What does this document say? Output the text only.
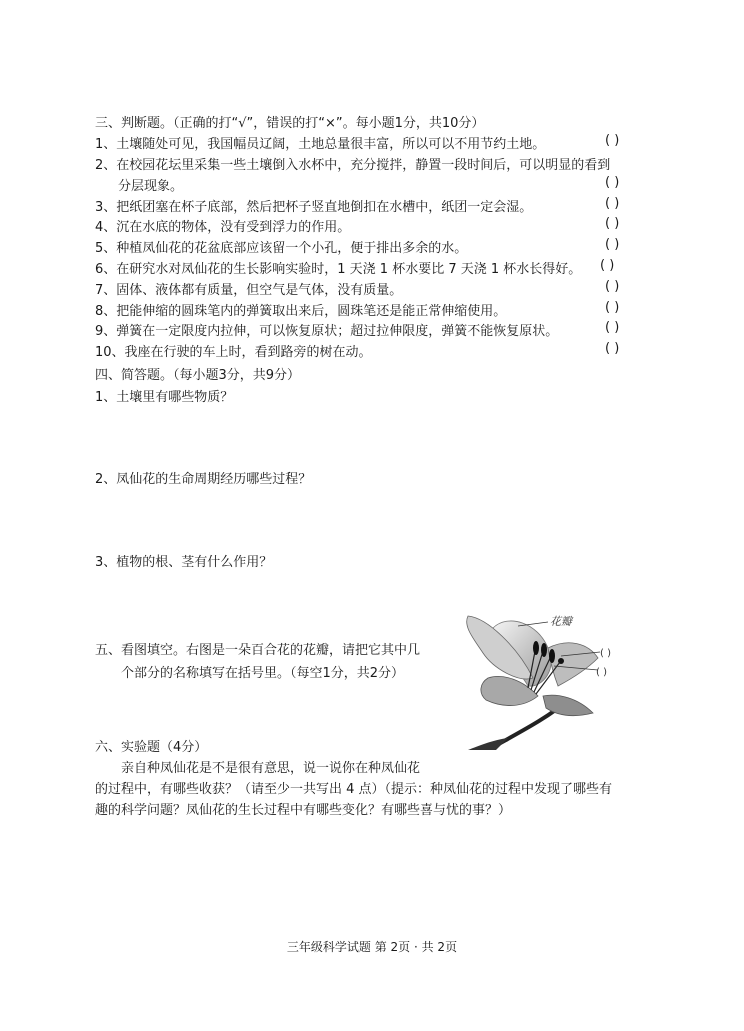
三、判断题。（正确的打“√”，错误的打“×”。每小题1分，共10分）
1、土壤随处可见，我国幅员辽阔，土地总量很丰富，所以可以不用节约土地。	( )
2、在校园花坛里采集一些土壤倒入水杯中，充分搅拌，静置一段时间后，可以明显的看到
分层现象。	( )
3、把纸团塞在杯子底部，然后把杯子竖直地倒扣在水槽中，纸团一定会湿。	( )
4、沉在水底的物体，没有受到浮力的作用。	( )
5、种植凤仙花的花盆底部应该留一个小孔，便于排出多余的水。	( )
6、在研究水对凤仙花的生长影响实验时，1 天浇 1 杯水要比 7 天浇 1 杯水长得好。 ( )
7、固体、液体都有质量，但空气是气体，没有质量。	( )
8、把能伸缩的圆珠笔内的弹簧取出来后，圆珠笔还是能正常伸缩使用。	( )
9、弹簧在一定限度内拉伸，可以恢复原状；超过拉伸限度，弹簧不能恢复原状。	( )
10、我座在行驶的车上时，看到路旁的树在动。	( )
四、简答题。（每小题3分，共9分）
1、土壤里有哪些物质？
2、凤仙花的生命周期经历哪些过程？
3、植物的根、茎有什么作用？
五、看图填空。右图是一朵百合花的花瓣，请把它其中几
个部分的名称填写在括号里。（每空1分，共2分）
花瓣
( )
( )
六、实验题（4分）
亲自种凤仙花是不是很有意思，说一说你在种凤仙花
的过程中，有哪些收获？（请至少一共写出 4 点）（提示：种凤仙花的过程中发现了哪些有
趣的科学问题？凤仙花的生长过程中有哪些变化？有哪些喜与忧的事？）
三年级科学试题 第 2页 · 共 2页
